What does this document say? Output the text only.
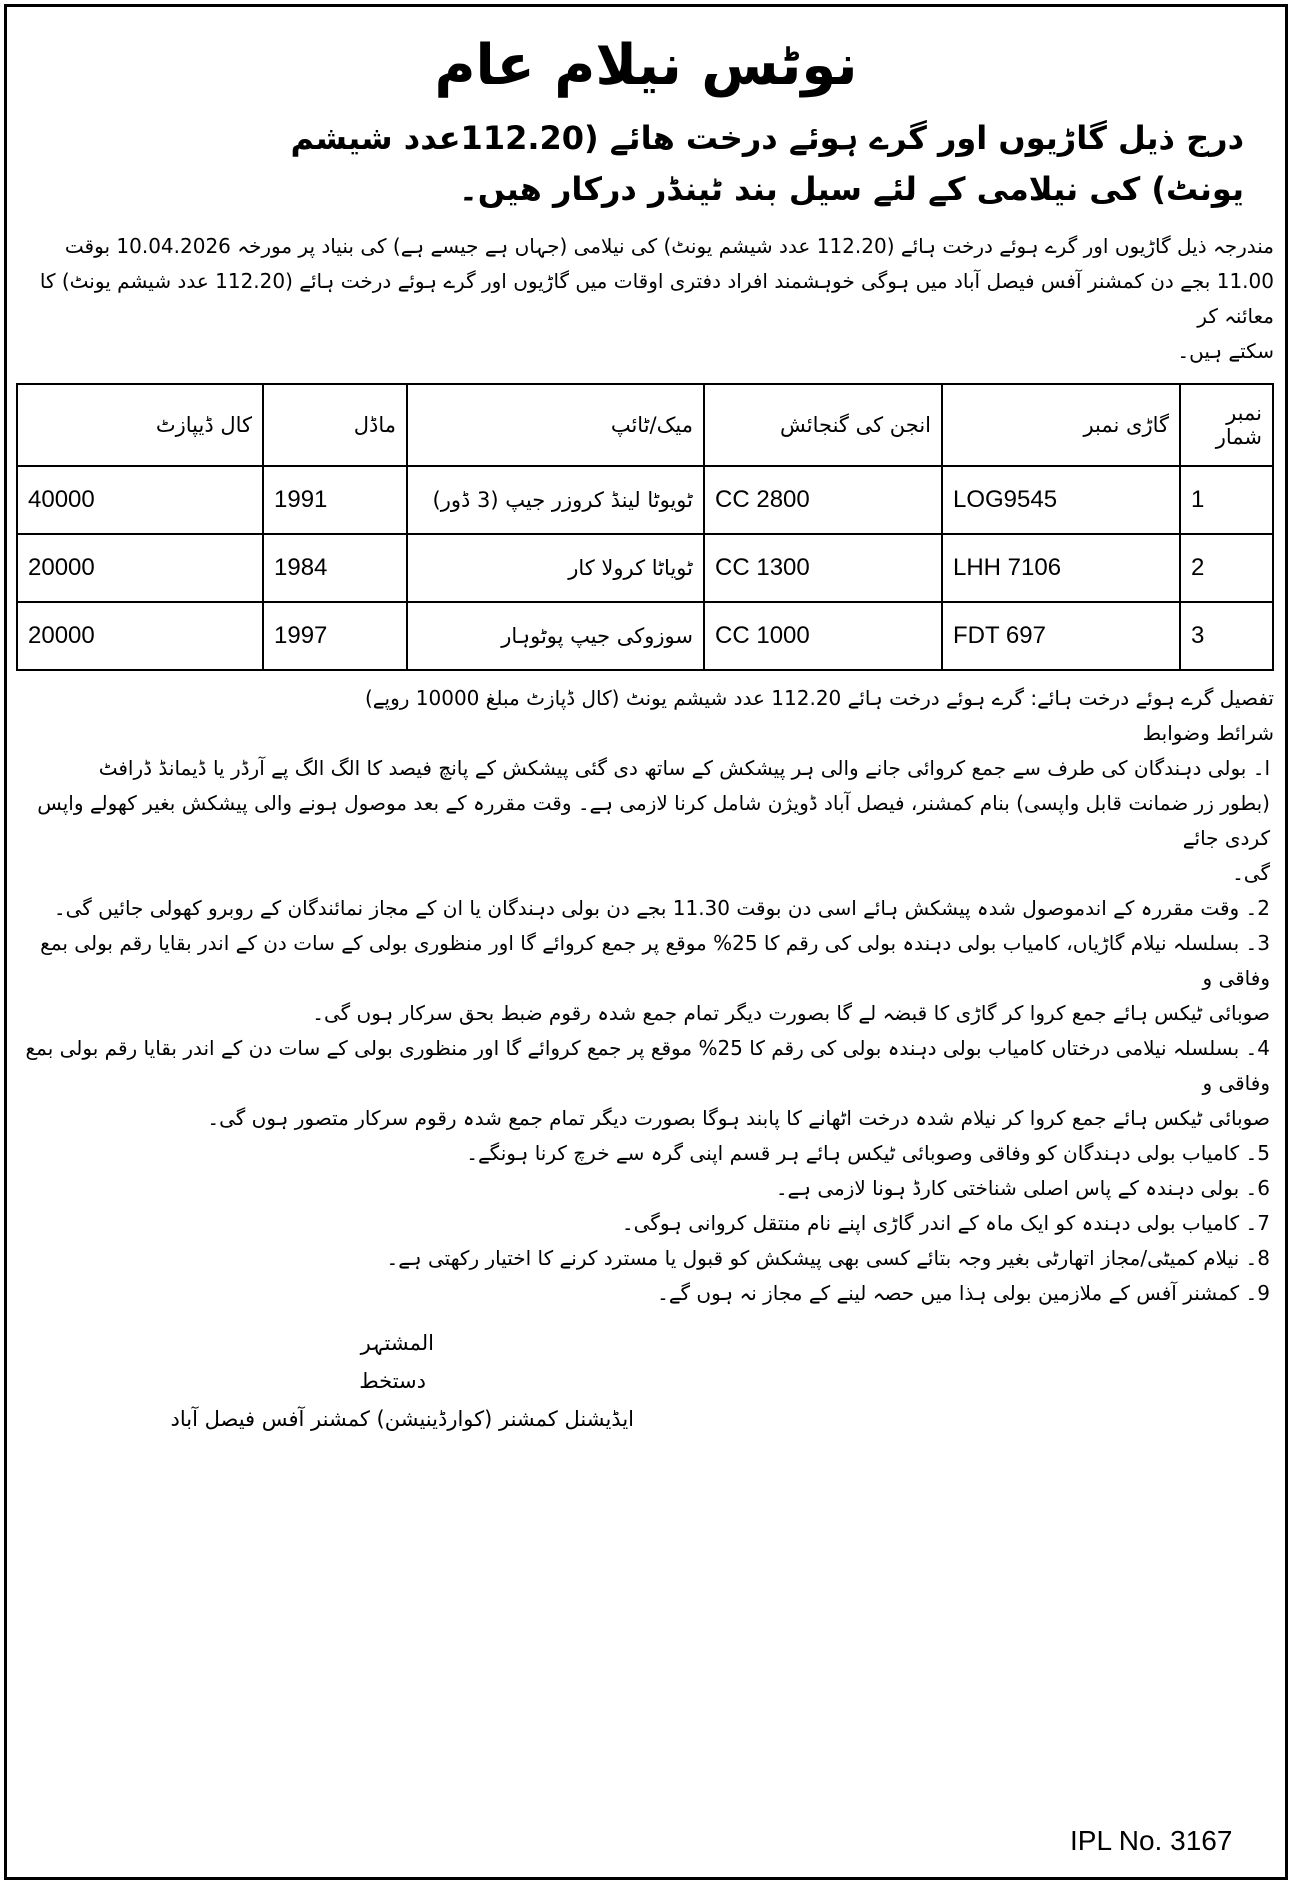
نوٹس نیلام عام
درج ذیل گاڑیوں اور گرے ہوئے درخت ھائے (112.20عدد شیشم
یونٹ) کی نیلامی کے لئے سیل بند ٹینڈر درکار ھیں۔
مندرجہ ذیل گاڑیوں اور گرے ہوئے درخت ہائے (112.20 عدد شیشم یونٹ) کی نیلامی (جہاں ہے جیسے ہے) کی بنیاد پر مورخہ 10.04.2026 بوقت
11.00 بجے دن کمشنر آفس فیصل آباد میں ہوگی خوہشمند افراد دفتری اوقات میں گاڑیوں اور گرے ہوئے درخت ہائے (112.20 عدد شیشم یونٹ) کا معائنہ کر
سکتے ہیں۔
نمبر شمار	گاڑی نمبر	انجن کی گنجائش	میک/ٹائپ	ماڈل	کال ڈیپازٹ
1	LOG9545	2800 CC	ٹویوٹا لینڈ کروزر جیپ (3 ڈور)	1991	40000
2	LHH 7106	1300 CC	ٹویاٹا کرولا کار	1984	20000
3	FDT 697	1000 CC	سوزوکی جیپ پوٹوہار	1997	20000
تفصیل گرے ہوئے درخت ہائے: گرے ہوئے درخت ہائے 112.20 عدد شیشم یونٹ (کال ڈپازٹ مبلغ 10000 روپے)
شرائط وضوابط
ا۔ بولی دہندگان کی طرف سے جمع کروائی جانے والی ہر پیشکش کے ساتھ دی گئی پیشکش کے پانچ فیصد کا الگ الگ پے آرڈر یا ڈیمانڈ ڈرافٹ
(بطور زر ضمانت قابل واپسی) بنام کمشنر، فیصل آباد ڈویژن شامل کرنا لازمی ہے۔ وقت مقررہ کے بعد موصول ہونے والی پیشکش بغیر کھولے واپس کردی جائے
گی۔
2۔ وقت مقررہ کے اندموصول شدہ پیشکش ہائے اسی دن بوقت 11.30 بجے دن بولی دہندگان یا ان کے مجاز نمائندگان کے روبرو کھولی جائیں گی۔
3۔ بسلسلہ نیلام گاڑیاں، کامیاب بولی دہندہ بولی کی رقم کا 25% موقع پر جمع کروائے گا اور منظوری بولی کے سات دن کے اندر بقایا رقم بولی بمع وفاقی و
صوبائی ٹیکس ہائے جمع کروا کر گاڑی کا قبضہ لے گا بصورت دیگر تمام جمع شدہ رقوم ضبط بحق سرکار ہوں گی۔
4۔ بسلسلہ نیلامی درختاں کامیاب بولی دہندہ بولی کی رقم کا 25% موقع پر جمع کروائے گا اور منظوری بولی کے سات دن کے اندر بقایا رقم بولی بمع وفاقی و
صوبائی ٹیکس ہائے جمع کروا کر نیلام شدہ درخت اٹھانے کا پابند ہوگا بصورت دیگر تمام جمع شدہ رقوم سرکار متصور ہوں گی۔
5۔ کامیاب بولی دہندگان کو وفاقی وصوبائی ٹیکس ہائے ہر قسم اپنی گرہ سے خرچ کرنا ہونگے۔
6۔ بولی دہندہ کے پاس اصلی شناختی کارڈ ہونا لازمی ہے۔
7۔ کامیاب بولی دہندہ کو ایک ماہ کے اندر گاڑی اپنے نام منتقل کروانی ہوگی۔
8۔ نیلام کمیٹی/مجاز اتھارٹی بغیر وجہ بتائے کسی بھی پیشکش کو قبول یا مسترد کرنے کا اختیار رکھتی ہے۔
9۔ کمشنر آفس کے ملازمین بولی ہذا میں حصہ لینے کے مجاز نہ ہوں گے۔
المشتہر
دستخط
ایڈیشنل کمشنر (کوارڈینیشن) کمشنر آفس فیصل آباد
IPL No. 3167
